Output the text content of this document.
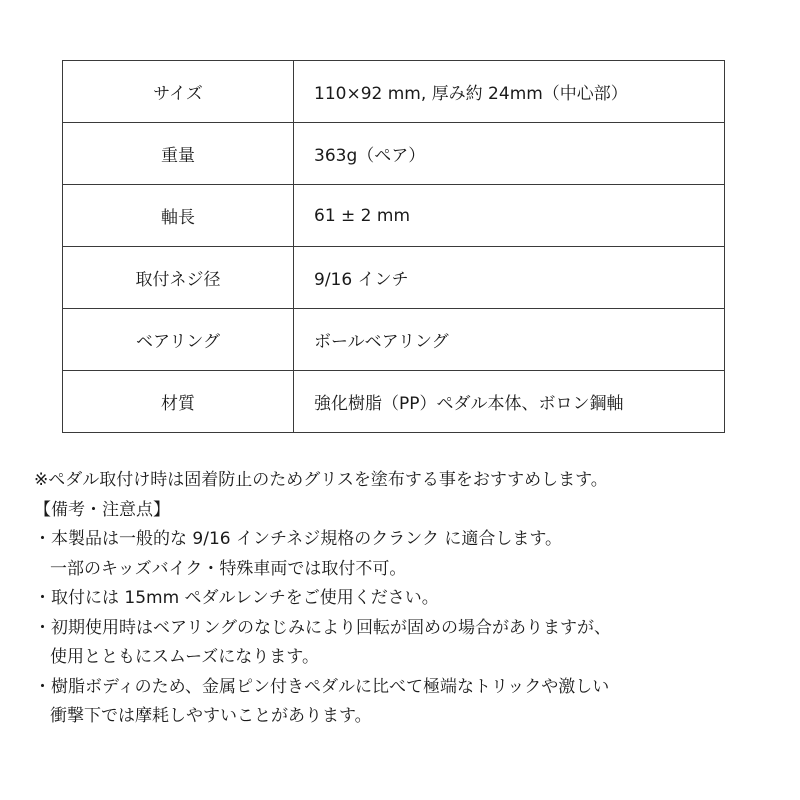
サイズ	110×92 mm, 厚み約 24mm（中心部）
重量	363g（ペア）
軸長	61 ± 2 mm
取付ネジ径	9/16 インチ
ベアリング	ボールベアリング
材質	強化樹脂（PP）ペダル本体、ボロン鋼軸
※ペダル取付け時は固着防止のためグリスを塗布する事をおすすめします。
【備考・注意点】
・本製品は一般的な 9/16 インチネジ規格のクランク に適合します。
一部のキッズバイク・特殊車両では取付不可。
・取付には 15mm ペダルレンチをご使用ください。
・初期使用時はベアリングのなじみにより回転が固めの場合がありますが、
使用とともにスムーズになります。
・樹脂ボディのため、金属ピン付きペダルに比べて極端なトリックや激しい
衝撃下では摩耗しやすいことがあります。
